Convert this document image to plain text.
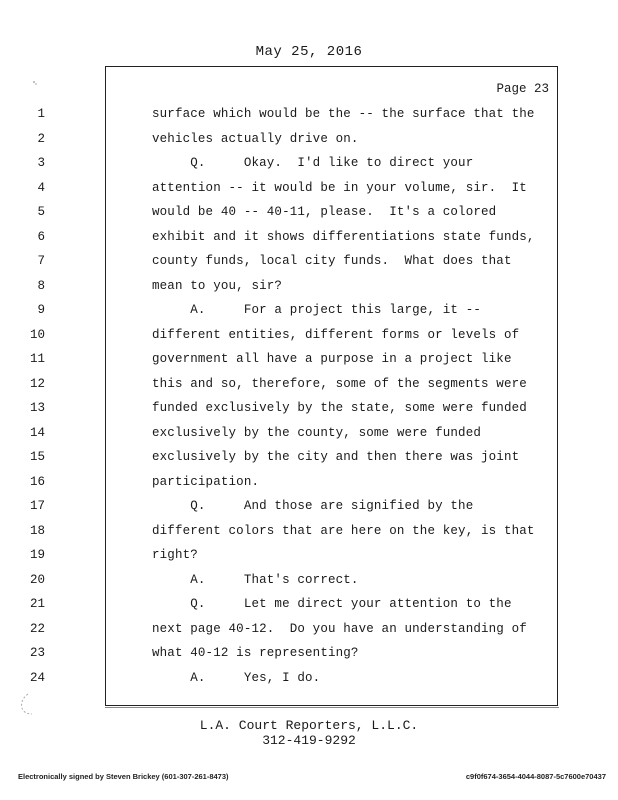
May 25, 2016
Page 23
1	surface which would be the -- the surface that the
2	vehicles actually drive on.
3	Q.     Okay.  I'd like to direct your
4	attention -- it would be in your volume, sir.  It
5	would be 40 -- 40-11, please.  It's a colored
6	exhibit and it shows differentiations state funds,
7	county funds, local city funds.  What does that
8	mean to you, sir?
9	A.     For a project this large, it --
10	different entities, different forms or levels of
11	government all have a purpose in a project like
12	this and so, therefore, some of the segments were
13	funded exclusively by the state, some were funded
14	exclusively by the county, some were funded
15	exclusively by the city and then there was joint
16	participation.
17	Q.     And those are signified by the
18	different colors that are here on the key, is that
19	right?
20	A.     That's correct.
21	Q.     Let me direct your attention to the
22	next page 40-12.  Do you have an understanding of
23	what 40-12 is representing?
24	A.     Yes, I do.
L.A. Court Reporters, L.L.C.
312-419-9292
Electronically signed by Steven Brickey (601-307-261-8473)	c9f0f674-3654-4044-8087-5c7600e70437
